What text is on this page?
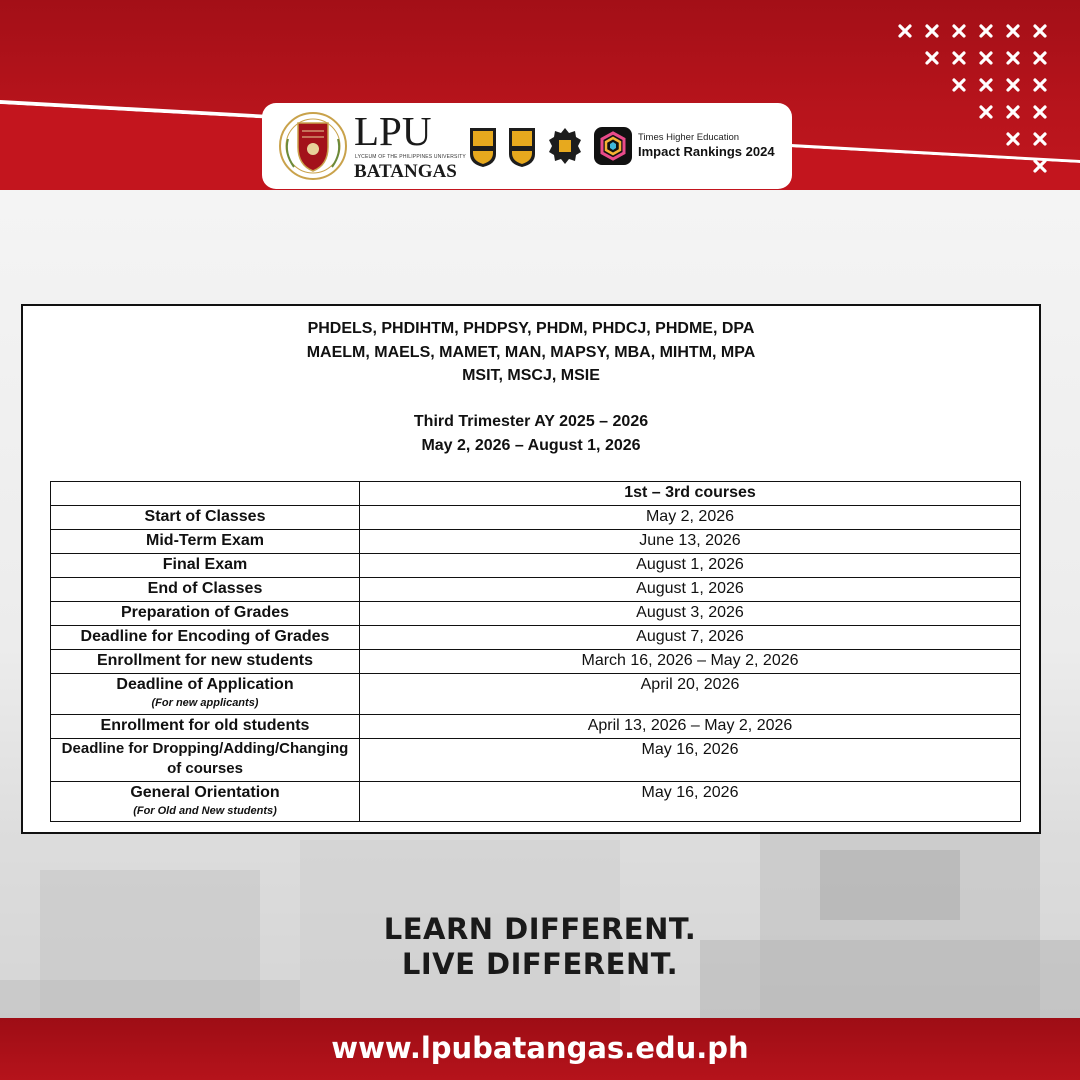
LPU
LYCEUM OF THE PHILIPPINES UNIVERSITY
BATANGAS
Times Higher Education
Impact Rankings 2024
PHDELS, PHDIHTM, PHDPSY, PHDM, PHDCJ, PHDME, DPA
MAELM, MAELS, MAMET, MAN, MAPSY, MBA, MIHTM, MPA
MSIT, MSCJ, MSIE
Third Trimester AY 2025 – 2026
May 2, 2026 – August 1, 2026
	1st – 3rd courses
Start of Classes	May 2, 2026
Mid-Term Exam	June 13, 2026
Final Exam	August 1, 2026
End of Classes	August 1, 2026
Preparation of Grades	August 3, 2026
Deadline for Encoding of Grades	August 7, 2026
Enrollment for new students	March 16, 2026 – May 2, 2026
Deadline of Application
(For new applicants)	April 20, 2026
Enrollment for old students	April 13, 2026 – May 2, 2026
Deadline for Dropping/Adding/Changing
of courses	May 16, 2026
General Orientation
(For Old and New students)	May 16, 2026
LEARN DIFFERENT.
LIVE DIFFERENT.
www.lpubatangas.edu.ph
